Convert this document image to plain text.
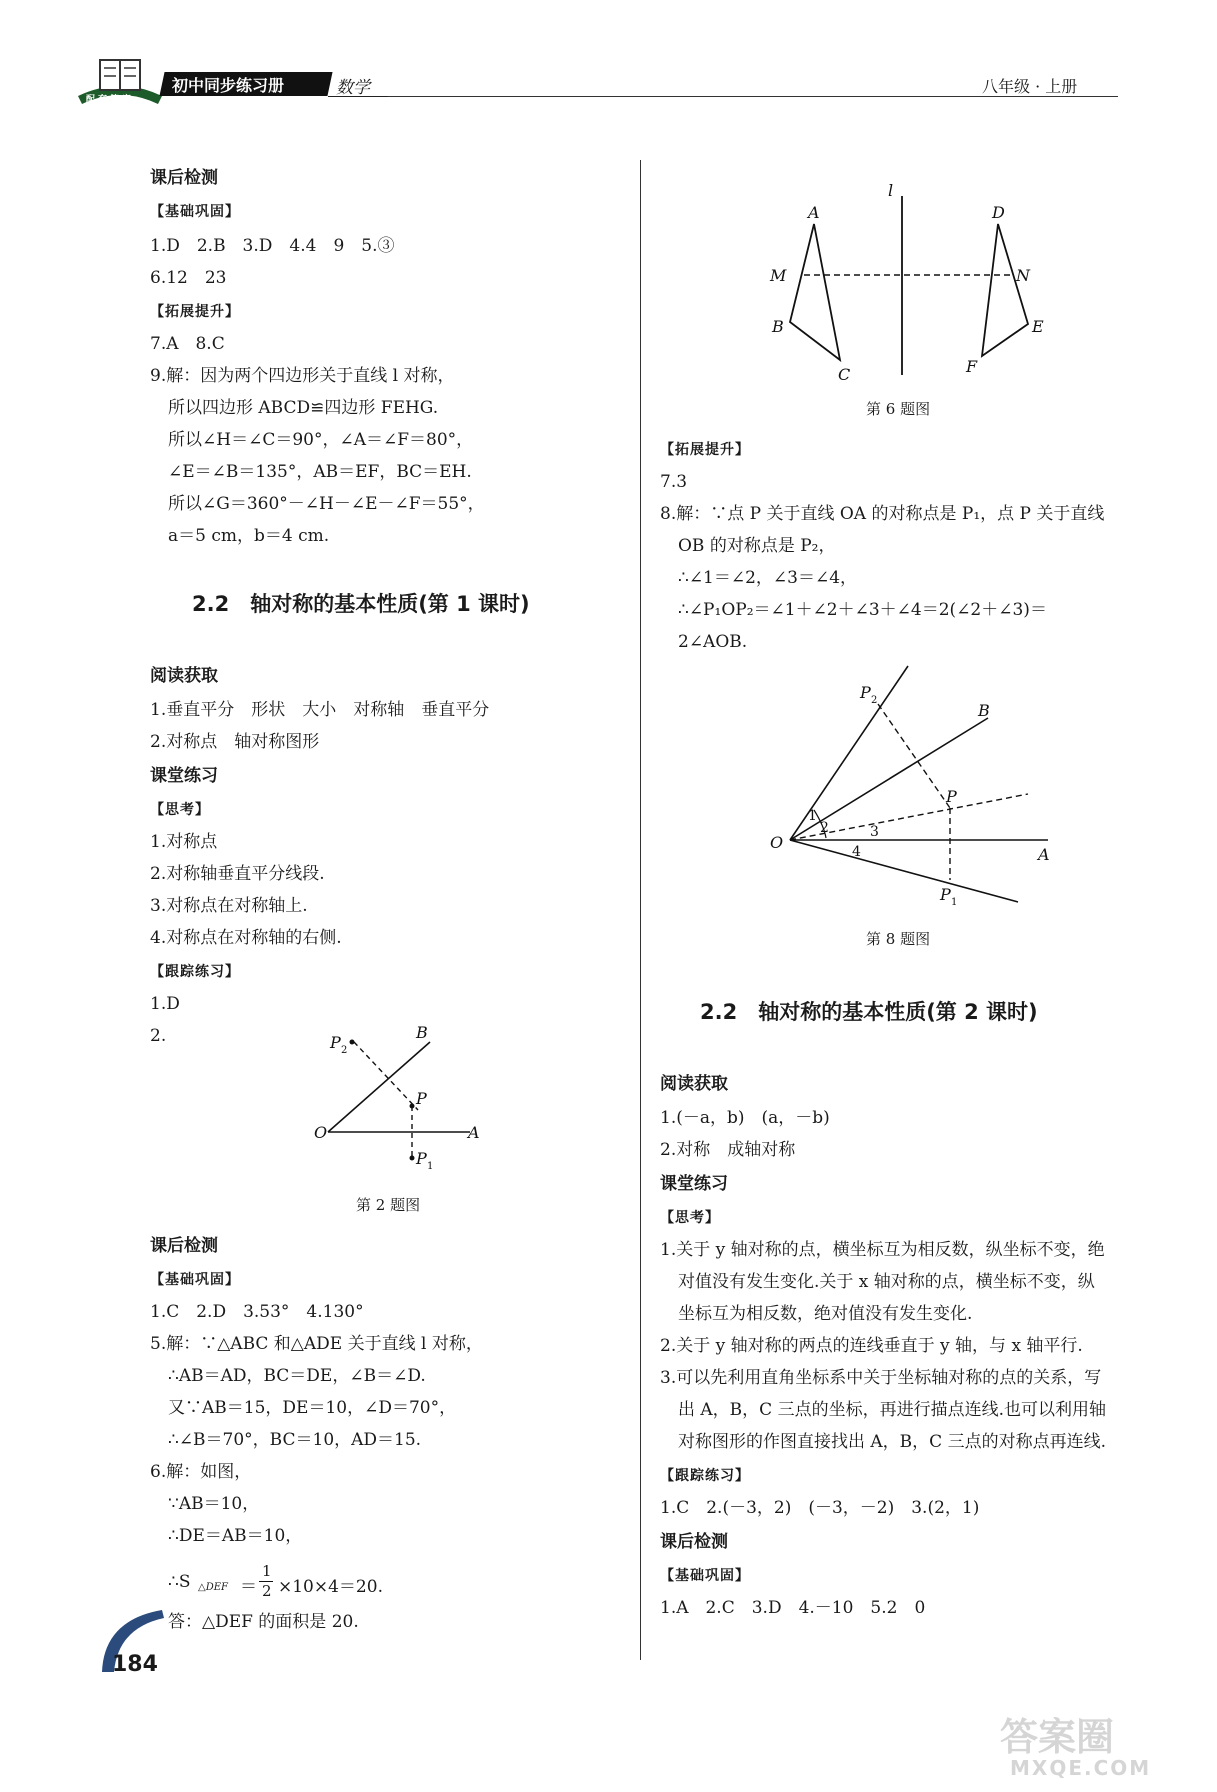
配套答案
初中同步练习册	数学	八年级 · 上册
课后检测
【基础巩固】
1.D　2.B　3.D　4.4　9　5.③
6.12　23
【拓展提升】
7.A　8.C
9.解：因为两个四边形关于直线 l 对称，
所以四边形 ABCD≌四边形 FEHG.
所以∠H＝∠C＝90°，∠A＝∠F＝80°，
∠E＝∠B＝135°，AB＝EF，BC＝EH.
所以∠G＝360°－∠H－∠E－∠F＝55°，
a＝5 cm，b＝4 cm.
2.2　轴对称的基本性质(第 1 课时)
阅读获取
1.垂直平分　形状　大小　对称轴　垂直平分
2.对称点　轴对称图形
课堂练习
【思考】
1.对称点
2.对称轴垂直平分线段.
3.对称点在对称轴上.
4.对称点在对称轴的右侧.
【跟踪练习】
1.D
2.
O	A
B
P
P 1
P 2
第 2 题图
课后检测
【基础巩固】
1.C　2.D　3.53°　4.130°
5.解：∵△ABC 和△ADE 关于直线 l 对称，
∴AB＝AD，BC＝DE，∠B＝∠D.
又∵AB＝15，DE＝10，∠D＝70°，
∴∠B＝70°，BC＝10，AD＝15.
6.解：如图，
∵AB＝10，
∴DE＝AB＝10，
∴S △DEF ＝
1
2 ×10×4＝20.
答：△DEF 的面积是 20.
l
A
M
B
C
D
N
E
F
第 6 题图
【拓展提升】
7.3
8.解：∵点 P 关于直线 OA 的对称点是 P₁，点 P 关于直线
OB 的对称点是 P₂，
∴∠1＝∠2，∠3＝∠4，
∴∠P₁OP₂＝∠1＋∠2＋∠3＋∠4＝2(∠2＋∠3)＝
2∠AOB.
O
A
B
P
P 1
P 2
1
2	3
4
第 8 题图
2.2　轴对称的基本性质(第 2 课时)
阅读获取
1.(－a，b)　(a，－b)
2.对称　成轴对称
课堂练习
【思考】
1.关于 y 轴对称的点，横坐标互为相反数，纵坐标不变，绝
对值没有发生变化.关于 x 轴对称的点，横坐标不变，纵
坐标互为相反数，绝对值没有发生变化.
2.关于 y 轴对称的两点的连线垂直于 y 轴，与 x 轴平行.
3.可以先利用直角坐标系中关于坐标轴对称的点的关系，写
出 A，B，C 三点的坐标，再进行描点连线.也可以利用轴
对称图形的作图直接找出 A，B，C 三点的对称点再连线.
【跟踪练习】
1.C　2.(－3，2)　(－3，－2)　3.(2，1)
课后检测
【基础巩固】
1.A　2.C　3.D　4.－10　5.2　0
184
答案圈
MXQE.COM
